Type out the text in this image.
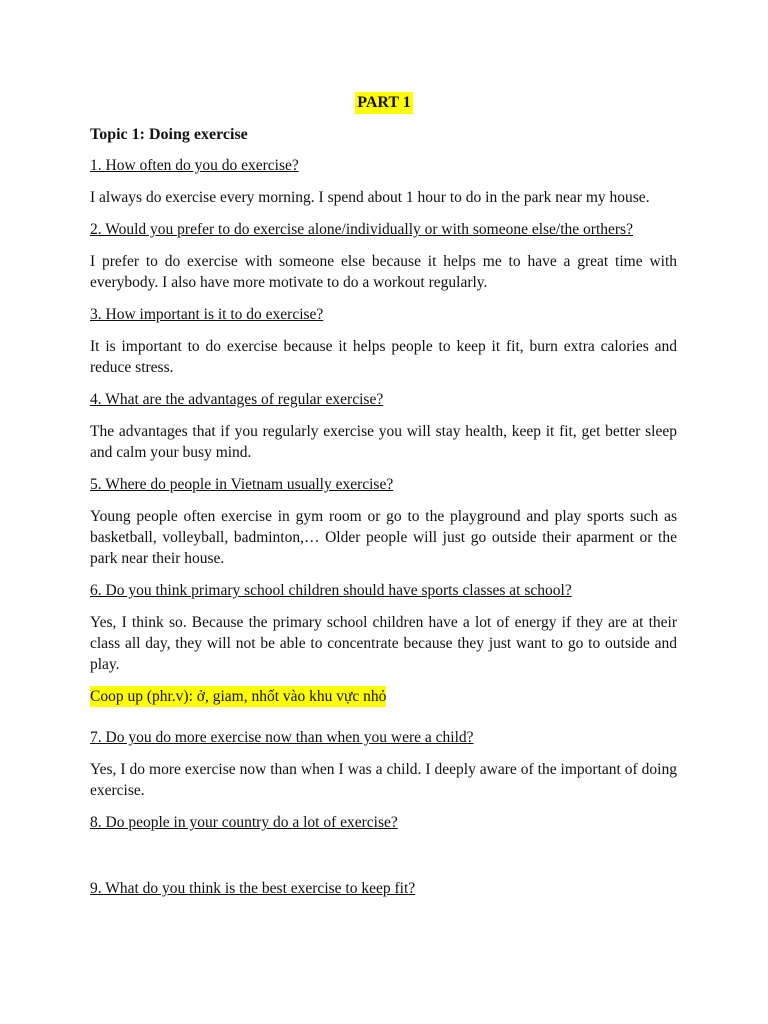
PART 1
Topic 1: Doing exercise
1. How often do you do exercise?
I always do exercise every morning. I spend about 1 hour to do in the park near my house.
2. Would you prefer to do exercise alone/individually or with someone else/the orthers?
I prefer to do exercise with someone else because it helps me to have a great time with everybody. I also have more motivate to do a workout regularly.
3. How important is it to do exercise?
It is important to do exercise because it helps people to keep it fit, burn extra calories and reduce stress.
4. What are the advantages of regular exercise?
The advantages that if you regularly exercise you will stay health, keep it fit, get better sleep and calm your busy mind.
5. Where do people in Vietnam usually exercise?
Young people often exercise in gym room or go to the playground and play sports such as basketball, volleyball, badminton,… Older people will just go outside their aparment or the park near their house.
6. Do you think primary school children should have sports classes at school?
Yes, I think so. Because the primary school children have a lot of energy if they are at their class all day, they will not be able to concentrate because they just want to go to outside and play.
Coop up (phr.v): ở, giam, nhốt vào khu vực nhỏ
7. Do you do more exercise now than when you were a child?
Yes, I do more exercise now than when I was a child. I deeply aware of the important of doing exercise.
8. Do people in your country do a lot of exercise?
9. What do you think is the best exercise to keep fit?
